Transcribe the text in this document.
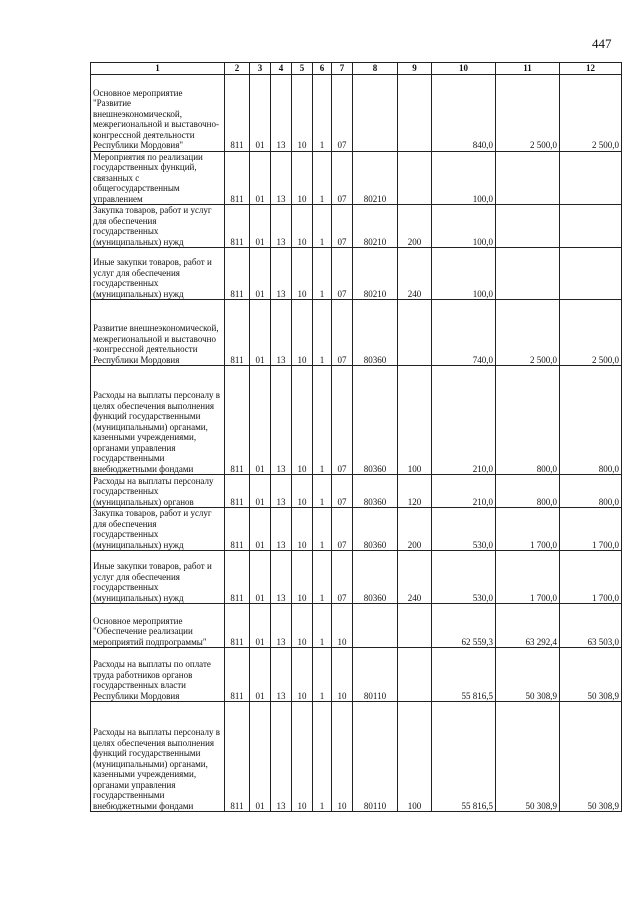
447
1	2	3	4	5	6	7	8	9	10	11	12
Основное мероприятие "Развитие внешнеэкономической, межрегиональной и выставочно-конгрессной деятельности Республики Мордовия"	811	01	13	10	1	07			840,0	2 500,0	2 500,0
Мероприятия по реализации государственных функций, связанных с общегосударственным управлением	811	01	13	10	1	07	80210		100,0		
Закупка товаров, работ и услуг для обеспечения государственных (муниципальных) нужд	811	01	13	10	1	07	80210	200	100,0		
Иные закупки товаров, работ и услуг для обеспечения государственных (муниципальных) нужд	811	01	13	10	1	07	80210	240	100,0		
Развитие внешнеэкономической, межрегиональной и выставочно -конгрессной деятельности Республики Мордовия	811	01	13	10	1	07	80360		740,0	2 500,0	2 500,0
Расходы на выплаты персоналу в целях обеспечения выполнения функций государственными (муниципальными) органами, казенными учреждениями, органами управления государственными внебюджетными фондами	811	01	13	10	1	07	80360	100	210,0	800,0	800,0
Расходы на выплаты персоналу государственных (муниципальных) органов	811	01	13	10	1	07	80360	120	210,0	800,0	800,0
Закупка товаров, работ и услуг для обеспечения государственных (муниципальных) нужд	811	01	13	10	1	07	80360	200	530,0	1 700,0	1 700,0
Иные закупки товаров, работ и услуг для обеспечения государственных (муниципальных) нужд	811	01	13	10	1	07	80360	240	530,0	1 700,0	1 700,0
Основное мероприятие "Обеспечение реализации мероприятий подпрограммы"	811	01	13	10	1	10			62 559,3	63 292,4	63 503,0
Расходы на выплаты по оплате труда работников органов государственных власти Республики Мордовия	811	01	13	10	1	10	80110		55 816,5	50 308,9	50 308,9
Расходы на выплаты персоналу в целях обеспечения выполнения функций государственными (муниципальными) органами, казенными учреждениями, органами управления государственными внебюджетными фондами	811	01	13	10	1	10	80110	100	55 816,5	50 308,9	50 308,9
